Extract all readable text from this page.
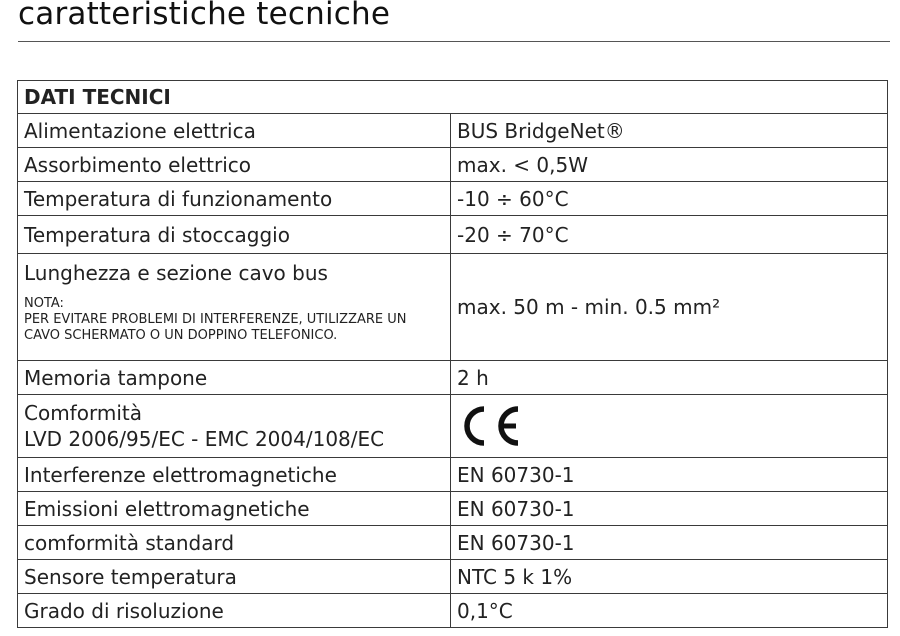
caratteristiche tecniche
DATI TECNICI	
Alimentazione elettrica	BUS BridgeNet®
Assorbimento elettrico	max. < 0,5W
Temperatura di funzionamento	-10 ÷ 60°C
Temperatura di stoccaggio	-20 ÷ 70°C

Lunghezza e sezione cavo bus
NOTA:
PER EVITARE PROBLEMI DI INTERFERENZE, UTILIZZARE UN
CAVO SCHERMATO O UN DOPPINO TELEFONICO.	max. 50 m - min. 0.5 mm²
Memoria tampone	2 h

Comformità
LVD 2006/95/EC - EMC 2004/108/EC

Interferenze elettromagnetiche	EN 60730-1
Emissioni elettromagnetiche	EN 60730-1
comformità standard	EN 60730-1
Sensore temperatura	NTC 5 k 1%
Grado di risoluzione	0,1°C
